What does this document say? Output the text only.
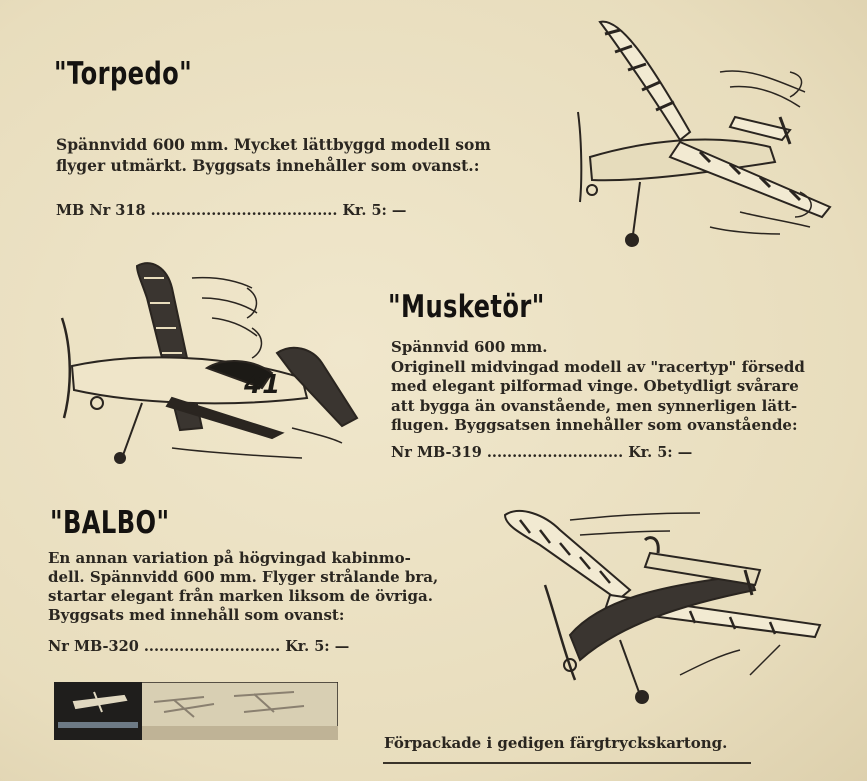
"Torpedo"
Spännvidd 600 mm. Mycket lättbyggd modell som
flyger utmärkt. Byggsats innehåller som ovanst.:
MB Nr 318 ..................................... Kr. 5: —
41
"Musketör"
Spännvid 600 mm.
Originell midvingad modell av "racertyp" försedd
med elegant pilformad vinge. Obetydligt svårare
att bygga än ovanstående, men synnerligen lätt-
flugen. Byggsatsen innehåller som ovanstående:
Nr MB-319 ........................... Kr. 5: —
"BALBO"
En annan variation på högvingad kabinmo-
dell. Spännvidd 600 mm. Flyger strålande bra,
startar elegant från marken liksom de övriga.
Byggsats med innehåll som ovanst:
Nr MB-320 ........................... Kr. 5: —
Förpackade i gedigen färgtryckskartong.
